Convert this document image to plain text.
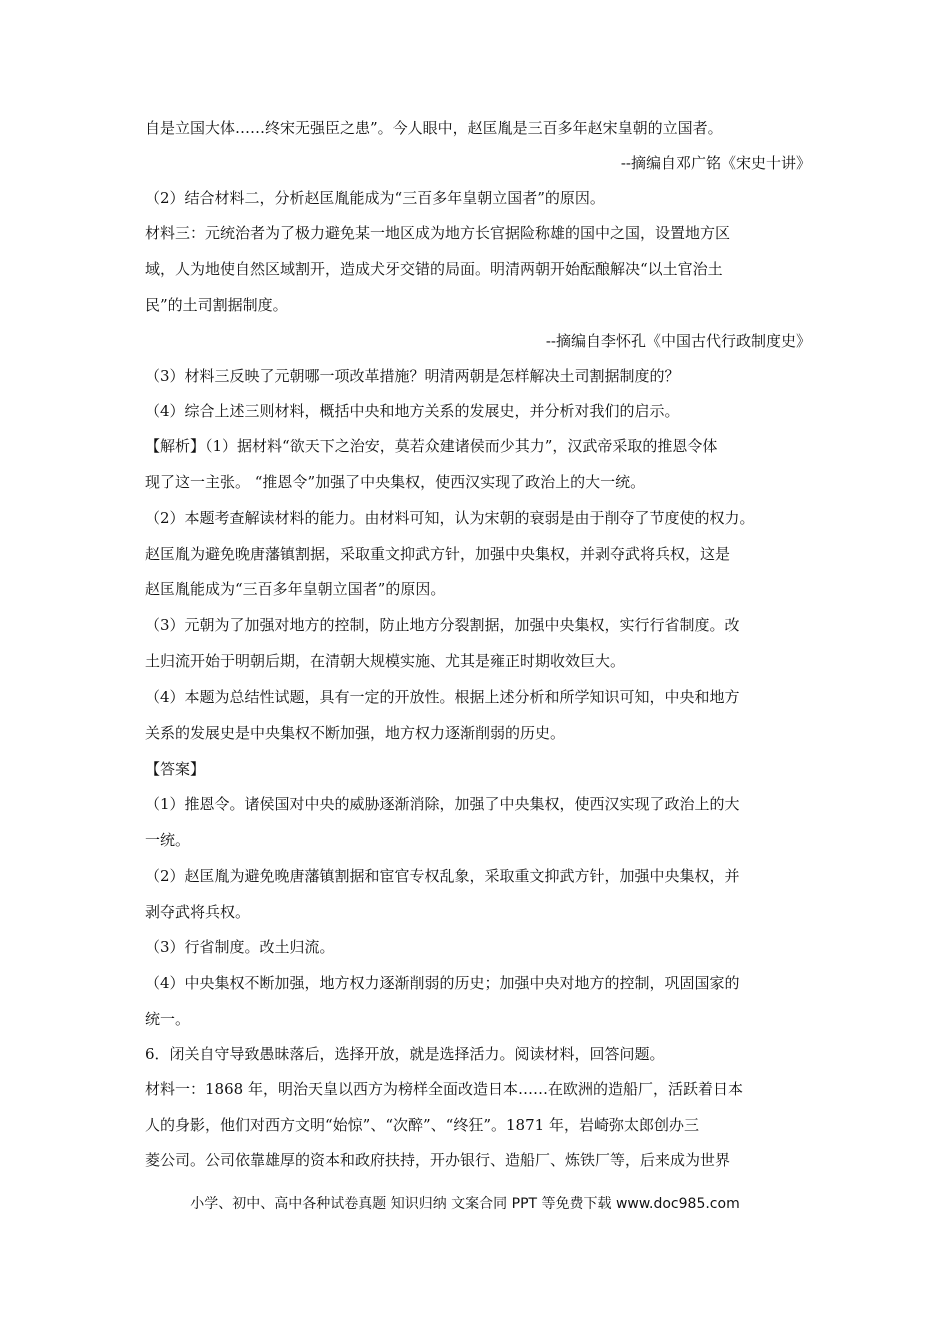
自是立国大体……终宋无强臣之患”。今人眼中，赵匡胤是三百多年赵宋皇朝的立国者。
--摘编自邓广铭《宋史十讲》
（2）结合材料二，分析赵匡胤能成为“三百多年皇朝立国者”的原因。
材料三：元统治者为了极力避免某一地区成为地方长官据险称雄的国中之国，设置地方区
域，人为地使自然区域割开，造成犬牙交错的局面。明清两朝开始酝酿解决“以土官治土
民”的土司割据制度。
--摘编自李怀孔《中国古代行政制度史》
（3）材料三反映了元朝哪一项改革措施？明清两朝是怎样解决土司割据制度的？
（4）综合上述三则材料，概括中央和地方关系的发展史，并分析对我们的启示。
【解析】（1）据材料“欲天下之治安，莫若众建诸侯而少其力”，汉武帝采取的推恩令体
现了这一主张。 “推恩令”加强了中央集权，使西汉实现了政治上的大一统。
（2）本题考查解读材料的能力。由材料可知，认为宋朝的衰弱是由于削夺了节度使的权力。
赵匡胤为避免晚唐藩镇割据，采取重文抑武方针，加强中央集权，并剥夺武将兵权，这是
赵匡胤能成为“三百多年皇朝立国者”的原因。
（3）元朝为了加强对地方的控制，防止地方分裂割据，加强中央集权，实行行省制度。改
土归流开始于明朝后期，在清朝大规模实施、尤其是雍正时期收效巨大。
（4）本题为总结性试题，具有一定的开放性。根据上述分析和所学知识可知，中央和地方
关系的发展史是中央集权不断加强，地方权力逐渐削弱的历史。
【答案】
（1）推恩令。诸侯国对中央的威胁逐渐消除，加强了中央集权，使西汉实现了政治上的大
一统。
（2）赵匡胤为避免晚唐藩镇割据和宦官专权乱象，采取重文抑武方针，加强中央集权，并
剥夺武将兵权。
（3）行省制度。改土归流。
（4）中央集权不断加强，地方权力逐渐削弱的历史；加强中央对地方的控制，巩固国家的
统一。
6．闭关自守导致愚昧落后，选择开放，就是选择活力。阅读材料，回答问题。
材料一：1868 年，明治天皇以西方为榜样全面改造日本……在欧洲的造船厂，活跃着日本
人的身影，他们对西方文明“始惊”、“次醉”、“终狂”。1871 年，岩崎弥太郎创办三
菱公司。公司依靠雄厚的资本和政府扶持，开办银行、造船厂、炼铁厂等，后来成为世界
小学、初中、高中各种试卷真题 知识归纳 文案合同 PPT 等免费下载 www.doc985.com
